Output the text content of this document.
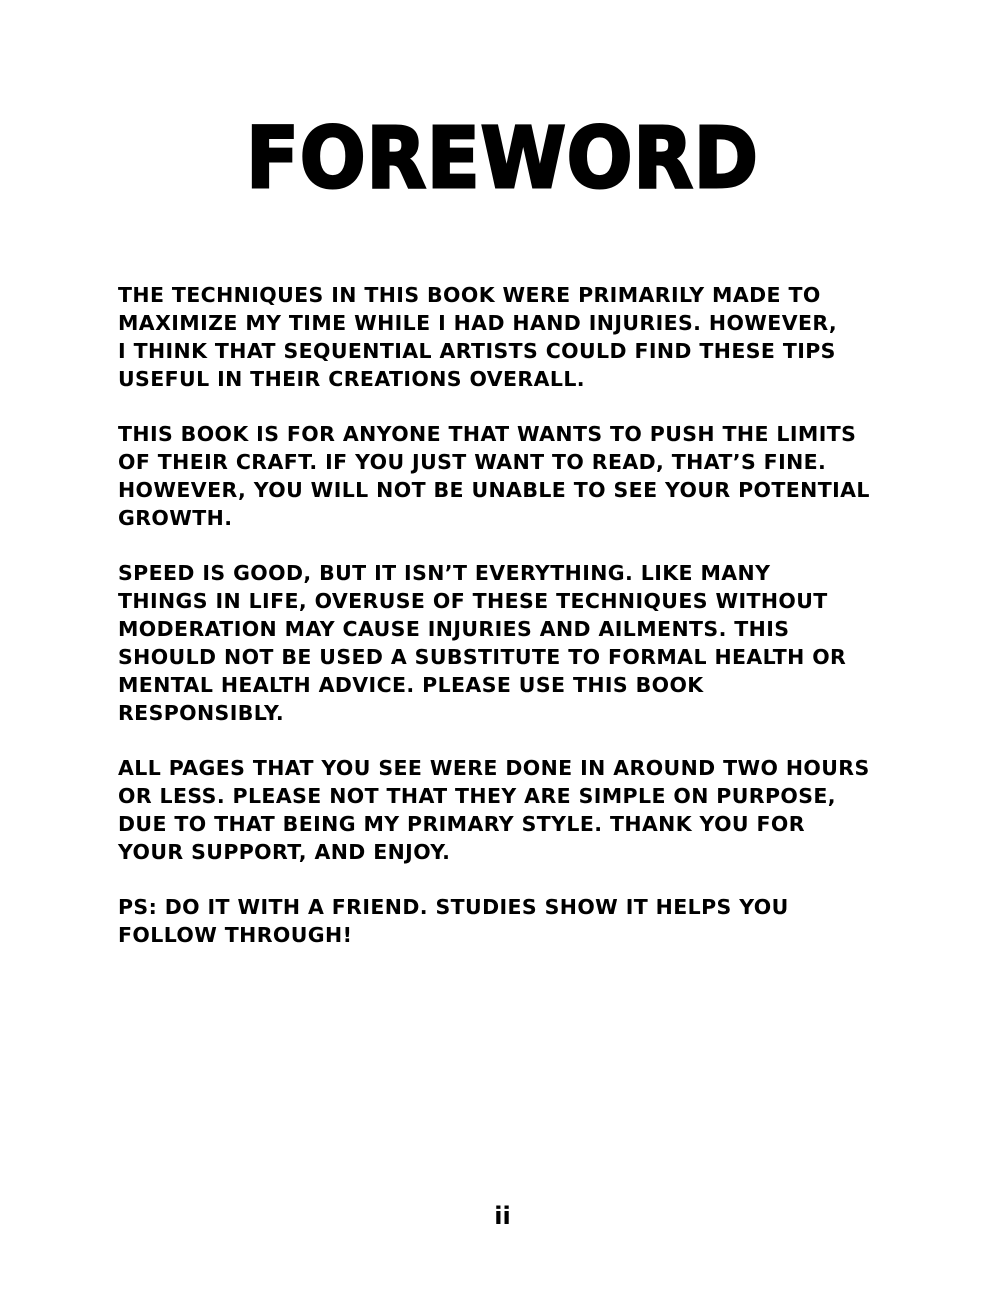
FOREWORD

THE TECHNIQUES IN THIS BOOK WERE PRIMARILY MADE TO
MAXIMIZE MY TIME WHILE I HAD HAND INJURIES. HOWEVER,
I THINK THAT SEQUENTIAL ARTISTS COULD FIND THESE TIPS
USEFUL IN THEIR CREATIONS OVERALL.

THIS BOOK IS FOR ANYONE THAT WANTS TO PUSH THE LIMITS
OF THEIR CRAFT. IF YOU JUST WANT TO READ, THAT’S FINE.
HOWEVER, YOU WILL NOT BE UNABLE TO SEE YOUR POTENTIAL
GROWTH.

SPEED IS GOOD, BUT IT ISN’T EVERYTHING. LIKE MANY
THINGS IN LIFE, OVERUSE OF THESE TECHNIQUES WITHOUT
MODERATION MAY CAUSE INJURIES AND AILMENTS. THIS
SHOULD NOT BE USED A SUBSTITUTE TO FORMAL HEALTH OR
MENTAL HEALTH ADVICE. PLEASE USE THIS BOOK
RESPONSIBLY.

ALL PAGES THAT YOU SEE WERE DONE IN AROUND TWO HOURS
OR LESS. PLEASE NOT THAT THEY ARE SIMPLE ON PURPOSE,
DUE TO THAT BEING MY PRIMARY STYLE. THANK YOU FOR
YOUR SUPPORT, AND ENJOY.

PS: DO IT WITH A FRIEND. STUDIES SHOW IT HELPS YOU
FOLLOW THROUGH!

ii
